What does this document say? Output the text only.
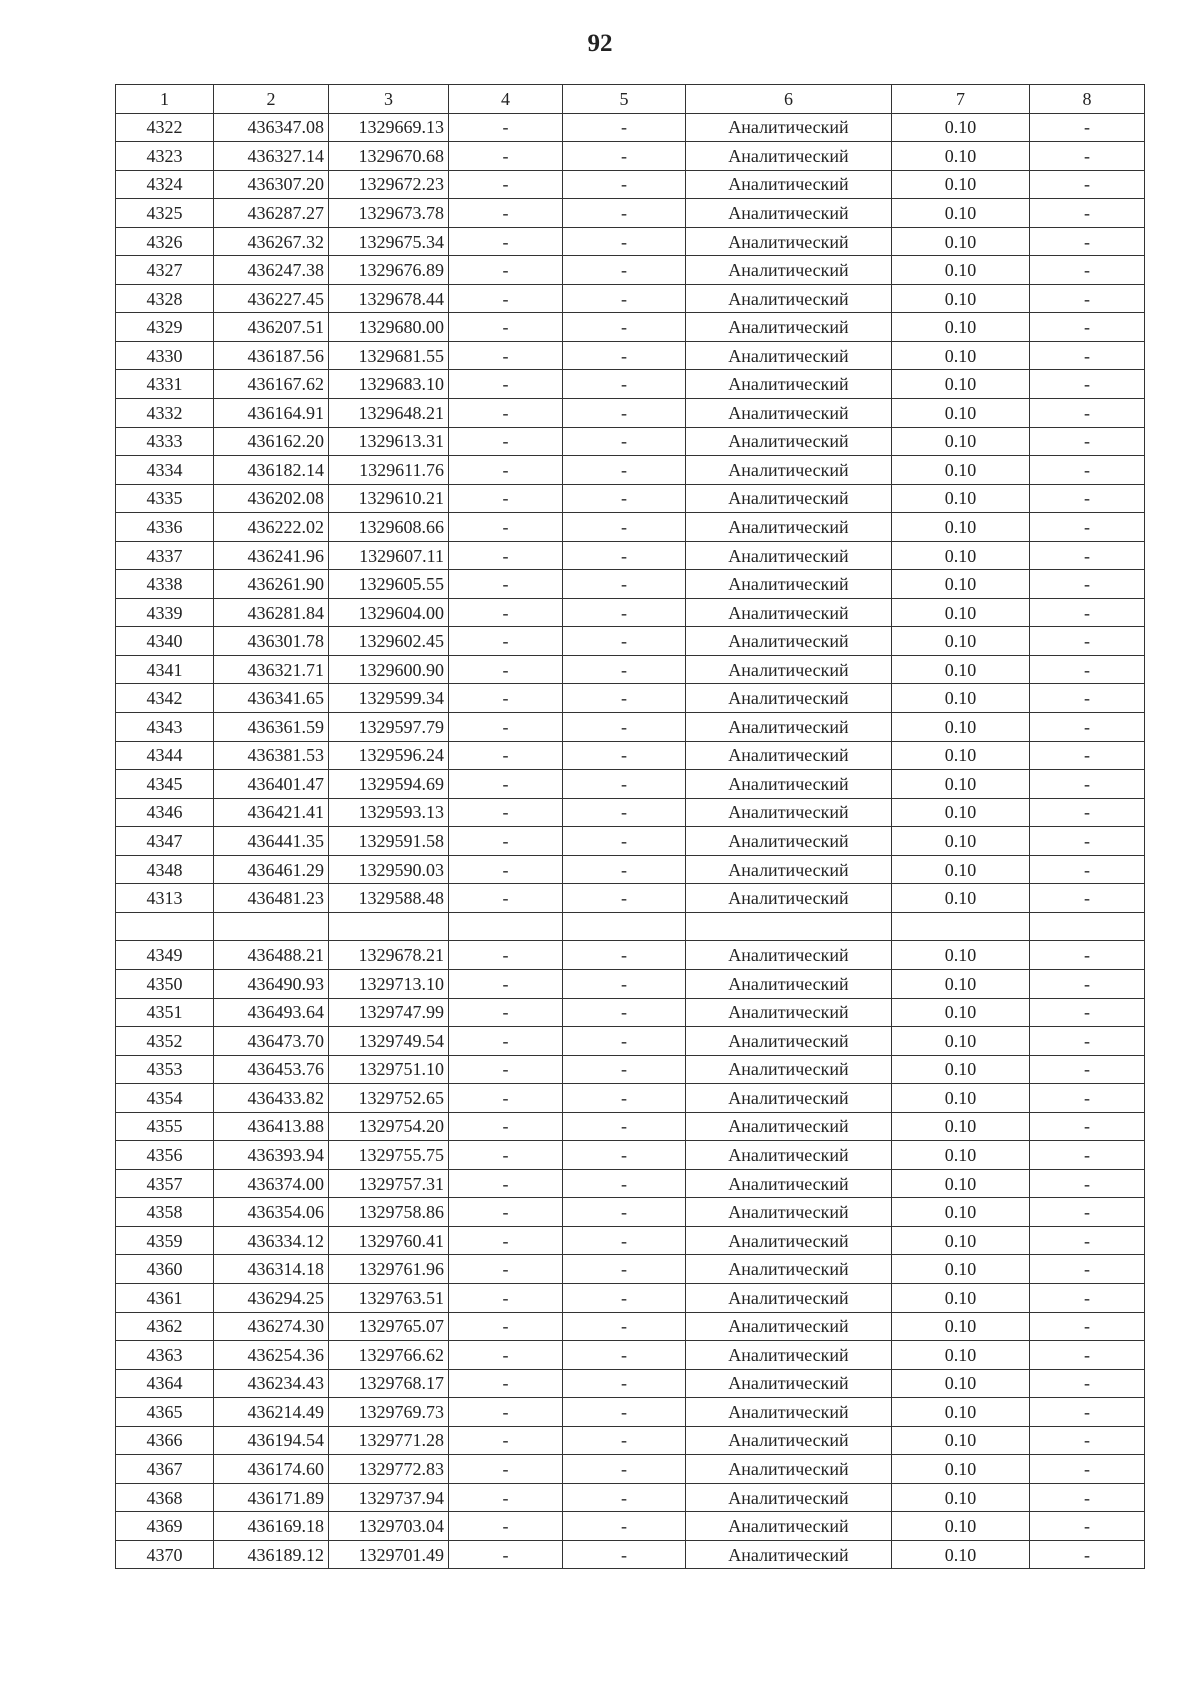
92
1	2	3	4	5	6	7	8
4322	436347.08	1329669.13	-	-	Аналитический	0.10	-
4323	436327.14	1329670.68	-	-	Аналитический	0.10	-
4324	436307.20	1329672.23	-	-	Аналитический	0.10	-
4325	436287.27	1329673.78	-	-	Аналитический	0.10	-
4326	436267.32	1329675.34	-	-	Аналитический	0.10	-
4327	436247.38	1329676.89	-	-	Аналитический	0.10	-
4328	436227.45	1329678.44	-	-	Аналитический	0.10	-
4329	436207.51	1329680.00	-	-	Аналитический	0.10	-
4330	436187.56	1329681.55	-	-	Аналитический	0.10	-
4331	436167.62	1329683.10	-	-	Аналитический	0.10	-
4332	436164.91	1329648.21	-	-	Аналитический	0.10	-
4333	436162.20	1329613.31	-	-	Аналитический	0.10	-
4334	436182.14	1329611.76	-	-	Аналитический	0.10	-
4335	436202.08	1329610.21	-	-	Аналитический	0.10	-
4336	436222.02	1329608.66	-	-	Аналитический	0.10	-
4337	436241.96	1329607.11	-	-	Аналитический	0.10	-
4338	436261.90	1329605.55	-	-	Аналитический	0.10	-
4339	436281.84	1329604.00	-	-	Аналитический	0.10	-
4340	436301.78	1329602.45	-	-	Аналитический	0.10	-
4341	436321.71	1329600.90	-	-	Аналитический	0.10	-
4342	436341.65	1329599.34	-	-	Аналитический	0.10	-
4343	436361.59	1329597.79	-	-	Аналитический	0.10	-
4344	436381.53	1329596.24	-	-	Аналитический	0.10	-
4345	436401.47	1329594.69	-	-	Аналитический	0.10	-
4346	436421.41	1329593.13	-	-	Аналитический	0.10	-
4347	436441.35	1329591.58	-	-	Аналитический	0.10	-
4348	436461.29	1329590.03	-	-	Аналитический	0.10	-
4313	436481.23	1329588.48	-	-	Аналитический	0.10	-

4349	436488.21	1329678.21	-	-	Аналитический	0.10	-
4350	436490.93	1329713.10	-	-	Аналитический	0.10	-
4351	436493.64	1329747.99	-	-	Аналитический	0.10	-
4352	436473.70	1329749.54	-	-	Аналитический	0.10	-
4353	436453.76	1329751.10	-	-	Аналитический	0.10	-
4354	436433.82	1329752.65	-	-	Аналитический	0.10	-
4355	436413.88	1329754.20	-	-	Аналитический	0.10	-
4356	436393.94	1329755.75	-	-	Аналитический	0.10	-
4357	436374.00	1329757.31	-	-	Аналитический	0.10	-
4358	436354.06	1329758.86	-	-	Аналитический	0.10	-
4359	436334.12	1329760.41	-	-	Аналитический	0.10	-
4360	436314.18	1329761.96	-	-	Аналитический	0.10	-
4361	436294.25	1329763.51	-	-	Аналитический	0.10	-
4362	436274.30	1329765.07	-	-	Аналитический	0.10	-
4363	436254.36	1329766.62	-	-	Аналитический	0.10	-
4364	436234.43	1329768.17	-	-	Аналитический	0.10	-
4365	436214.49	1329769.73	-	-	Аналитический	0.10	-
4366	436194.54	1329771.28	-	-	Аналитический	0.10	-
4367	436174.60	1329772.83	-	-	Аналитический	0.10	-
4368	436171.89	1329737.94	-	-	Аналитический	0.10	-
4369	436169.18	1329703.04	-	-	Аналитический	0.10	-
4370	436189.12	1329701.49	-	-	Аналитический	0.10	-
